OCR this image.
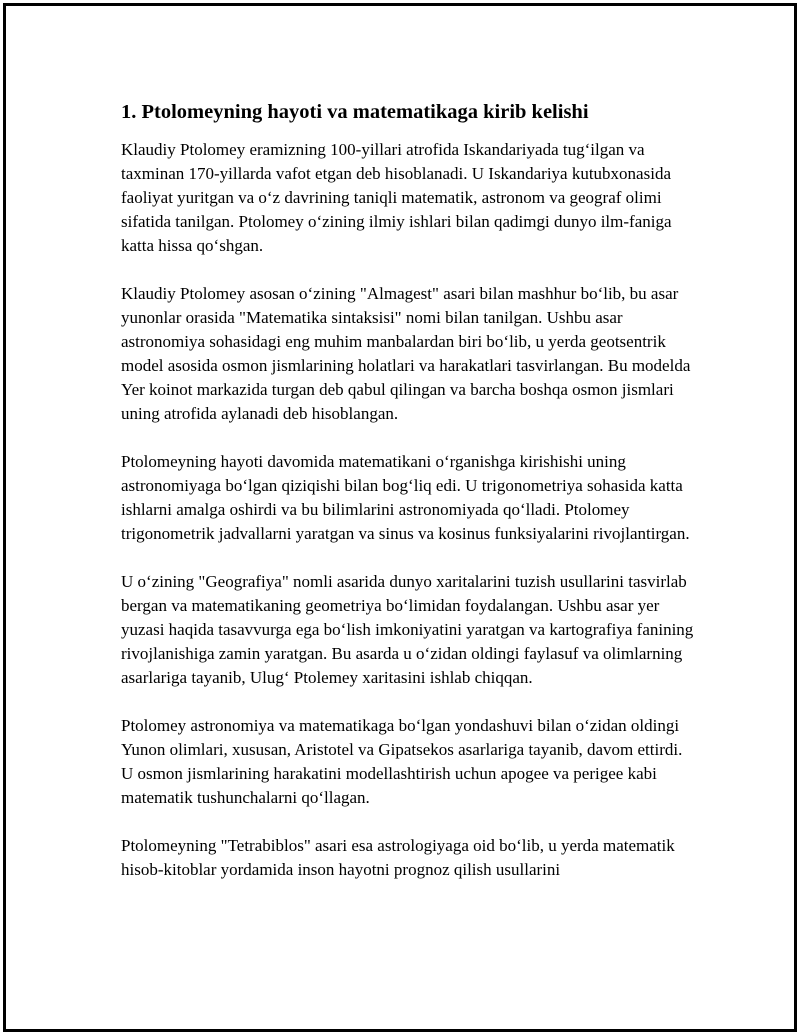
1. Ptolomeyning hayoti va matematikaga kirib kelishi

Klaudiy Ptolomey eramizning 100-yillari atrofida Iskandariyada tugʻilgan va taxminan 170-yillarda vafot etgan deb hisoblanadi. U Iskandariya kutubxonasida faoliyat yuritgan va oʻz davrining taniqli matematik, astronom va geograf olimi sifatida tanilgan. Ptolomey oʻzining ilmiy ishlari bilan qadimgi dunyo ilm-faniga katta hissa qoʻshgan.

Klaudiy Ptolomey asosan oʻzining "Almagest" asari bilan mashhur boʻlib, bu asar yunonlar orasida "Matematika sintaksisi" nomi bilan tanilgan. Ushbu asar astronomiya sohasidagi eng muhim manbalardan biri boʻlib, u yerda geotsentrik model asosida osmon jismlarining holatlari va harakatlari tasvirlangan. Bu modelda Yer koinot markazida turgan deb qabul qilingan va barcha boshqa osmon jismlari uning atrofida aylanadi deb hisoblangan.

Ptolomeyning hayoti davomida matematikani oʻrganishga kirishishi uning astronomiyaga boʻlgan qiziqishi bilan bogʻliq edi. U trigonometriya sohasida katta ishlarni amalga oshirdi va bu bilimlarini astronomiyada qoʻlladi. Ptolomey trigonometrik jadvallarni yaratgan va sinus va kosinus funksiyalarini rivojlantirgan.

U oʻzining "Geografiya" nomli asarida dunyo xaritalarini tuzish usullarini tasvirlab bergan va matematikaning geometriya boʻlimidan foydalangan. Ushbu asar yer yuzasi haqida tasavvurga ega boʻlish imkoniyatini yaratgan va kartografiya fanining rivojlanishiga zamin yaratgan. Bu asarda u oʻzidan oldingi faylasuf va olimlarning asarlariga tayanib, Ulugʻ Ptolemey xaritasini ishlab chiqqan.

Ptolomey astronomiya va matematikaga boʻlgan yondashuvi bilan oʻzidan oldingi Yunon olimlari, xususan, Aristotel va Gipatsekos asarlariga tayanib, davom ettirdi. U osmon jismlarining harakatini modellashtirish uchun apogee va perigee kabi matematik tushunchalarni qoʻllagan.

Ptolomeyning "Tetrabiblos" asari esa astrologiyaga oid boʻlib, u yerda matematik hisob-kitoblar yordamida inson hayotni prognoz qilish usullarini
